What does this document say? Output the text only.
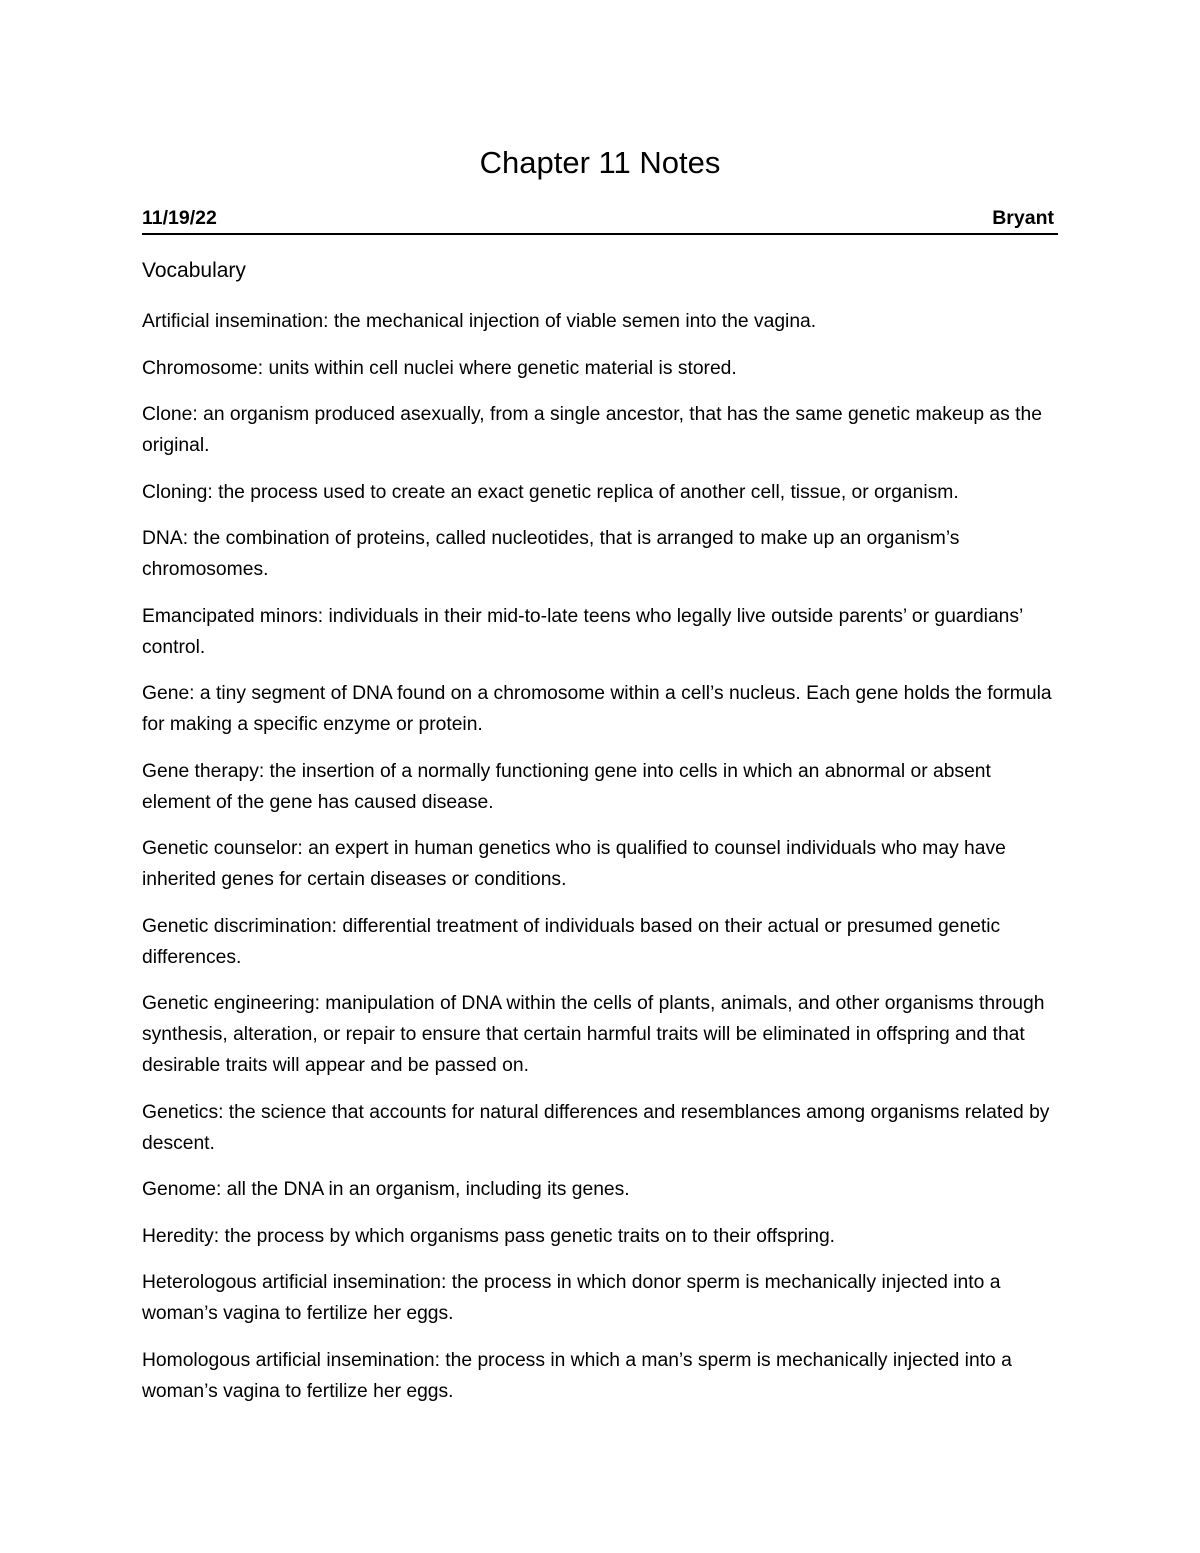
Chapter 11 Notes
11/19/22	Bryant
Vocabulary
Artificial insemination: the mechanical injection of viable semen into the vagina.
Chromosome: units within cell nuclei where genetic material is stored.
Clone: an organism produced asexually, from a single ancestor, that has the same genetic makeup as the original.
Cloning: the process used to create an exact genetic replica of another cell, tissue, or organism.
DNA: the combination of proteins, called nucleotides, that is arranged to make up an organism’s chromosomes.
Emancipated minors: individuals in their mid-to-late teens who legally live outside parents’ or guardians’ control.
Gene: a tiny segment of DNA found on a chromosome within a cell’s nucleus. Each gene holds the formula for making a specific enzyme or protein.
Gene therapy: the insertion of a normally functioning gene into cells in which an abnormal or absent element of the gene has caused disease.
Genetic counselor: an expert in human genetics who is qualified to counsel individuals who may have inherited genes for certain diseases or conditions.
Genetic discrimination: differential treatment of individuals based on their actual or presumed genetic differences.
Genetic engineering: manipulation of DNA within the cells of plants, animals, and other organisms through synthesis, alteration, or repair to ensure that certain harmful traits will be eliminated in offspring and that desirable traits will appear and be passed on.
Genetics: the science that accounts for natural differences and resemblances among organisms related by descent.
Genome: all the DNA in an organism, including its genes.
Heredity: the process by which organisms pass genetic traits on to their offspring.
Heterologous artificial insemination: the process in which donor sperm is mechanically injected into a woman’s vagina to fertilize her eggs.
Homologous artificial insemination: the process in which a man’s sperm is mechanically injected into a woman’s vagina to fertilize her eggs.
